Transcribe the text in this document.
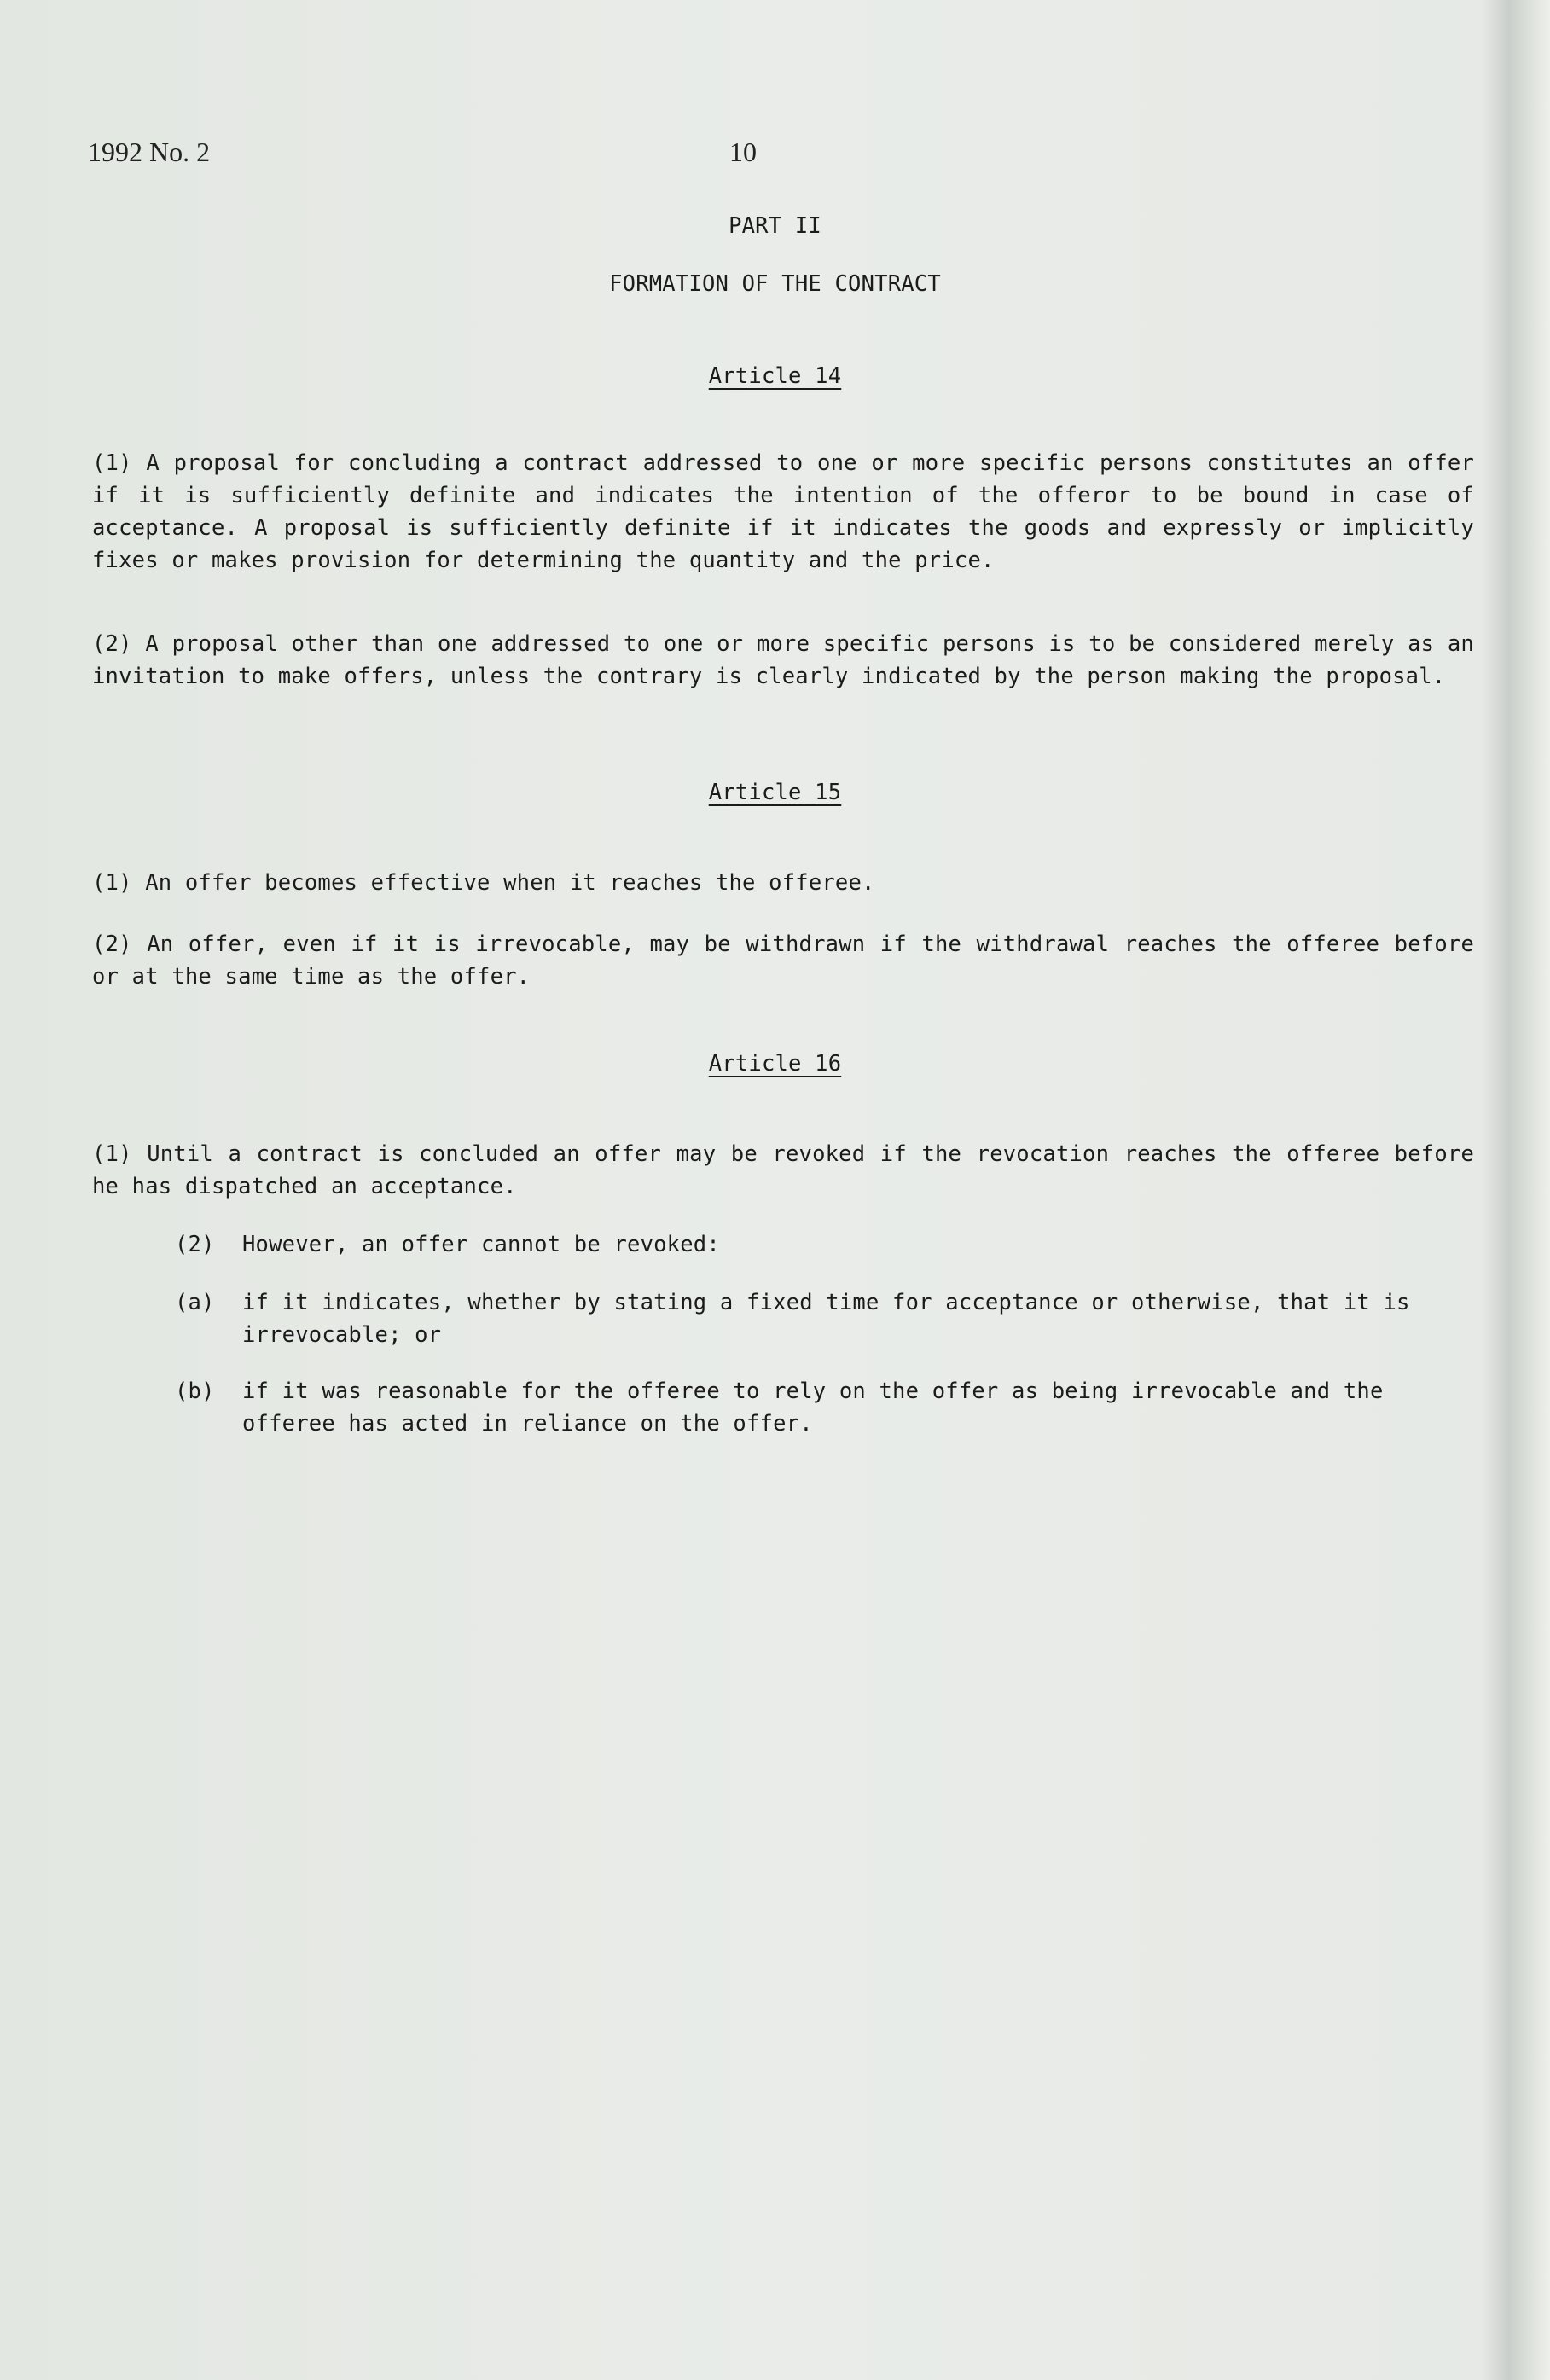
1992 No. 2	10
PART II
FORMATION OF THE CONTRACT
Article 14
(1) A proposal for concluding a contract addressed to one or more specific persons constitutes an offer if it is sufficiently definite and indicates the intention of the offeror to be bound in case of acceptance. A proposal is sufficiently definite if it indicates the goods and expressly or implicitly fixes or makes provision for determining the quantity and the price.
(2) A proposal other than one addressed to one or more specific persons is to be considered merely as an invitation to make offers, unless the contrary is clearly indicated by the person making the proposal.
Article 15
(1) An offer becomes effective when it reaches the offeree.
(2) An offer, even if it is irrevocable, may be withdrawn if the withdrawal reaches the offeree before or at the same time as the offer.
Article 16
(1) Until a contract is concluded an offer may be revoked if the revocation reaches the offeree before he has dispatched an acceptance.
(2) However, an offer cannot be revoked:
(a) if it indicates, whether by stating a fixed time for acceptance or otherwise, that it is irrevocable; or
(b) if it was reasonable for the offeree to rely on the offer as being irrevocable and the offeree has acted in reliance on the offer.
